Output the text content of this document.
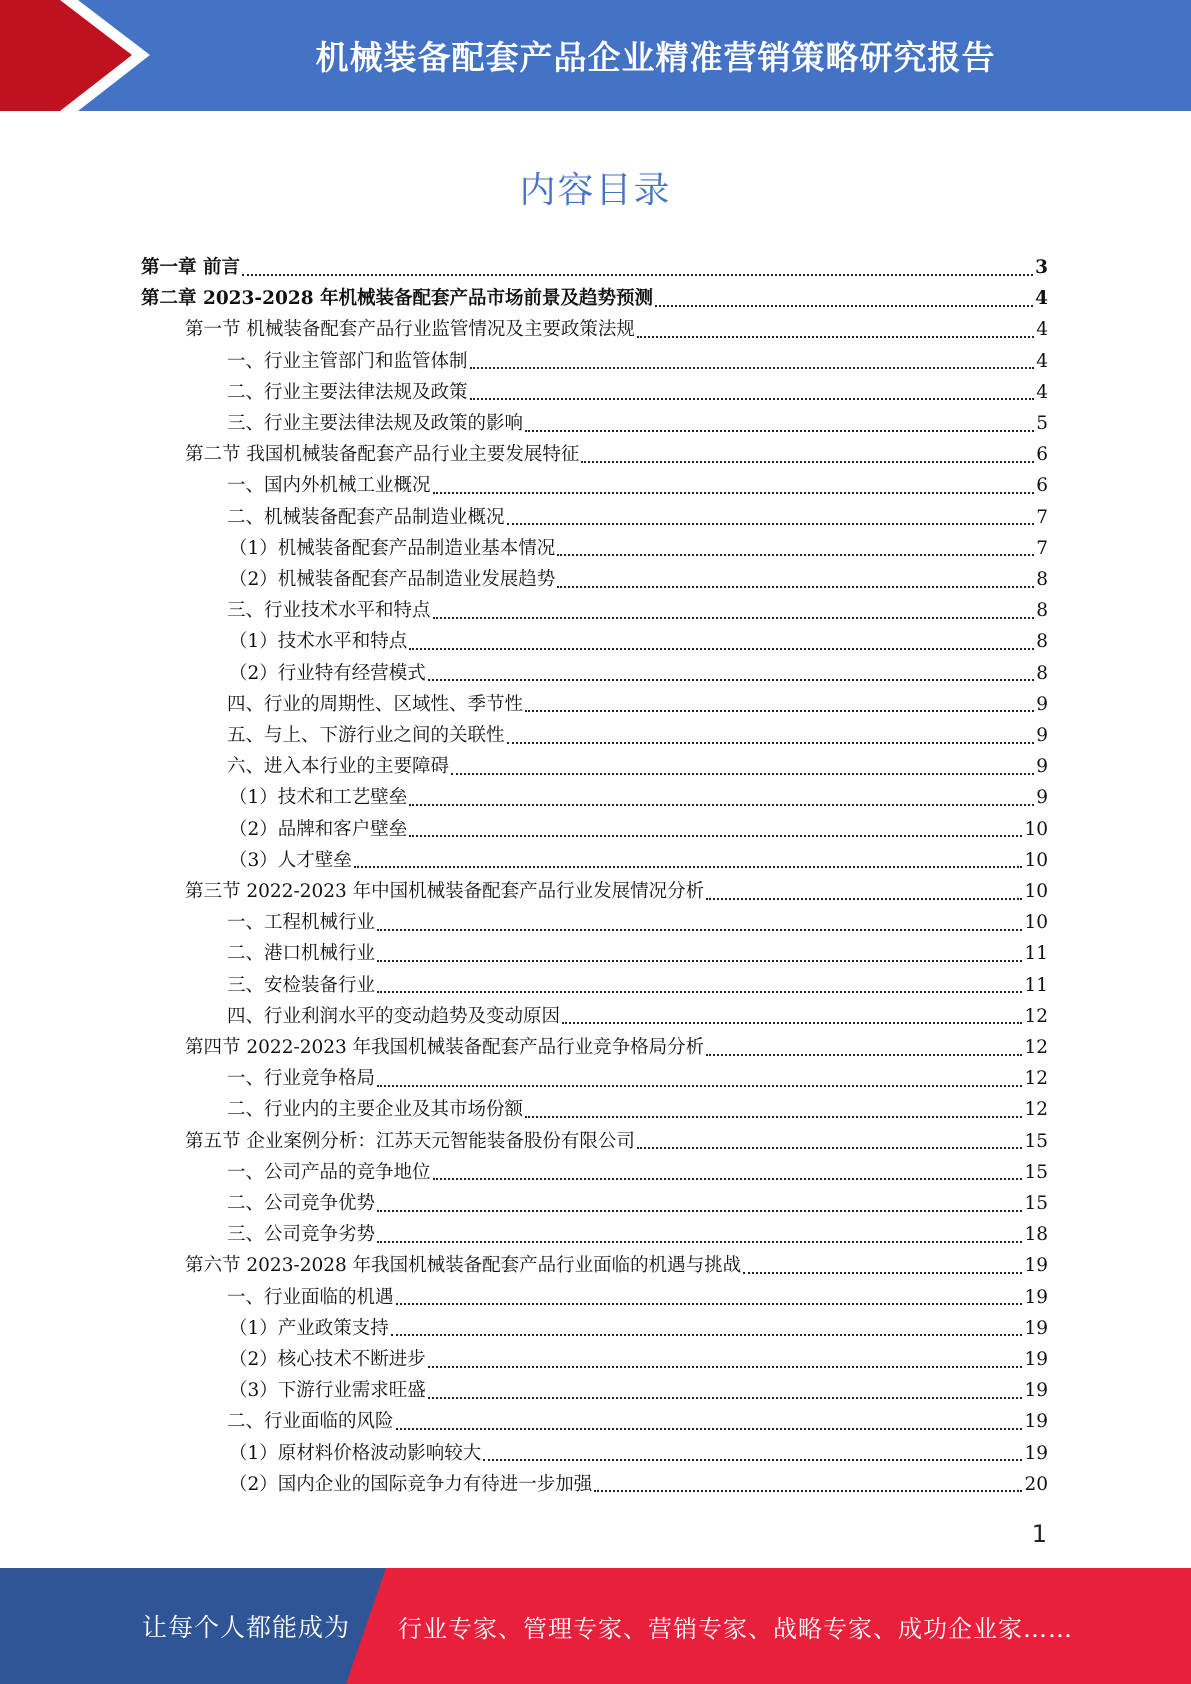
机械装备配套产品企业精准营销策略研究报告
内容目录
第一章 前言	3
第二章 2023-2028 年机械装备配套产品市场前景及趋势预测	4
第一节 机械装备配套产品行业监管情况及主要政策法规	4
一、行业主管部门和监管体制	4
二、行业主要法律法规及政策	4
三、行业主要法律法规及政策的影响	5
第二节 我国机械装备配套产品行业主要发展特征	6
一、国内外机械工业概况	6
二、机械装备配套产品制造业概况	7
（1）机械装备配套产品制造业基本情况	7
（2）机械装备配套产品制造业发展趋势	8
三、行业技术水平和特点	8
（1）技术水平和特点	8
（2）行业特有经营模式	8
四、行业的周期性、区域性、季节性	9
五、与上、下游行业之间的关联性	9
六、进入本行业的主要障碍	9
（1）技术和工艺壁垒	9
（2）品牌和客户壁垒	10
（3）人才壁垒	10
第三节 2022-2023 年中国机械装备配套产品行业发展情况分析	10
一、工程机械行业	10
二、港口机械行业	11
三、安检装备行业	11
四、行业利润水平的变动趋势及变动原因	12
第四节 2022-2023 年我国机械装备配套产品行业竞争格局分析	12
一、行业竞争格局	12
二、行业内的主要企业及其市场份额	12
第五节 企业案例分析：江苏天元智能装备股份有限公司	15
一、公司产品的竞争地位	15
二、公司竞争优势	15
三、公司竞争劣势	18
第六节 2023-2028 年我国机械装备配套产品行业面临的机遇与挑战	19
一、行业面临的机遇	19
（1）产业政策支持	19
（2）核心技术不断进步	19
（3）下游行业需求旺盛	19
二、行业面临的风险	19
（1）原材料价格波动影响较大	19
（2）国内企业的国际竞争力有待进一步加强	20
1
让每个人都能成为 行业专家、管理专家、营销专家、战略专家、成功企业家……
